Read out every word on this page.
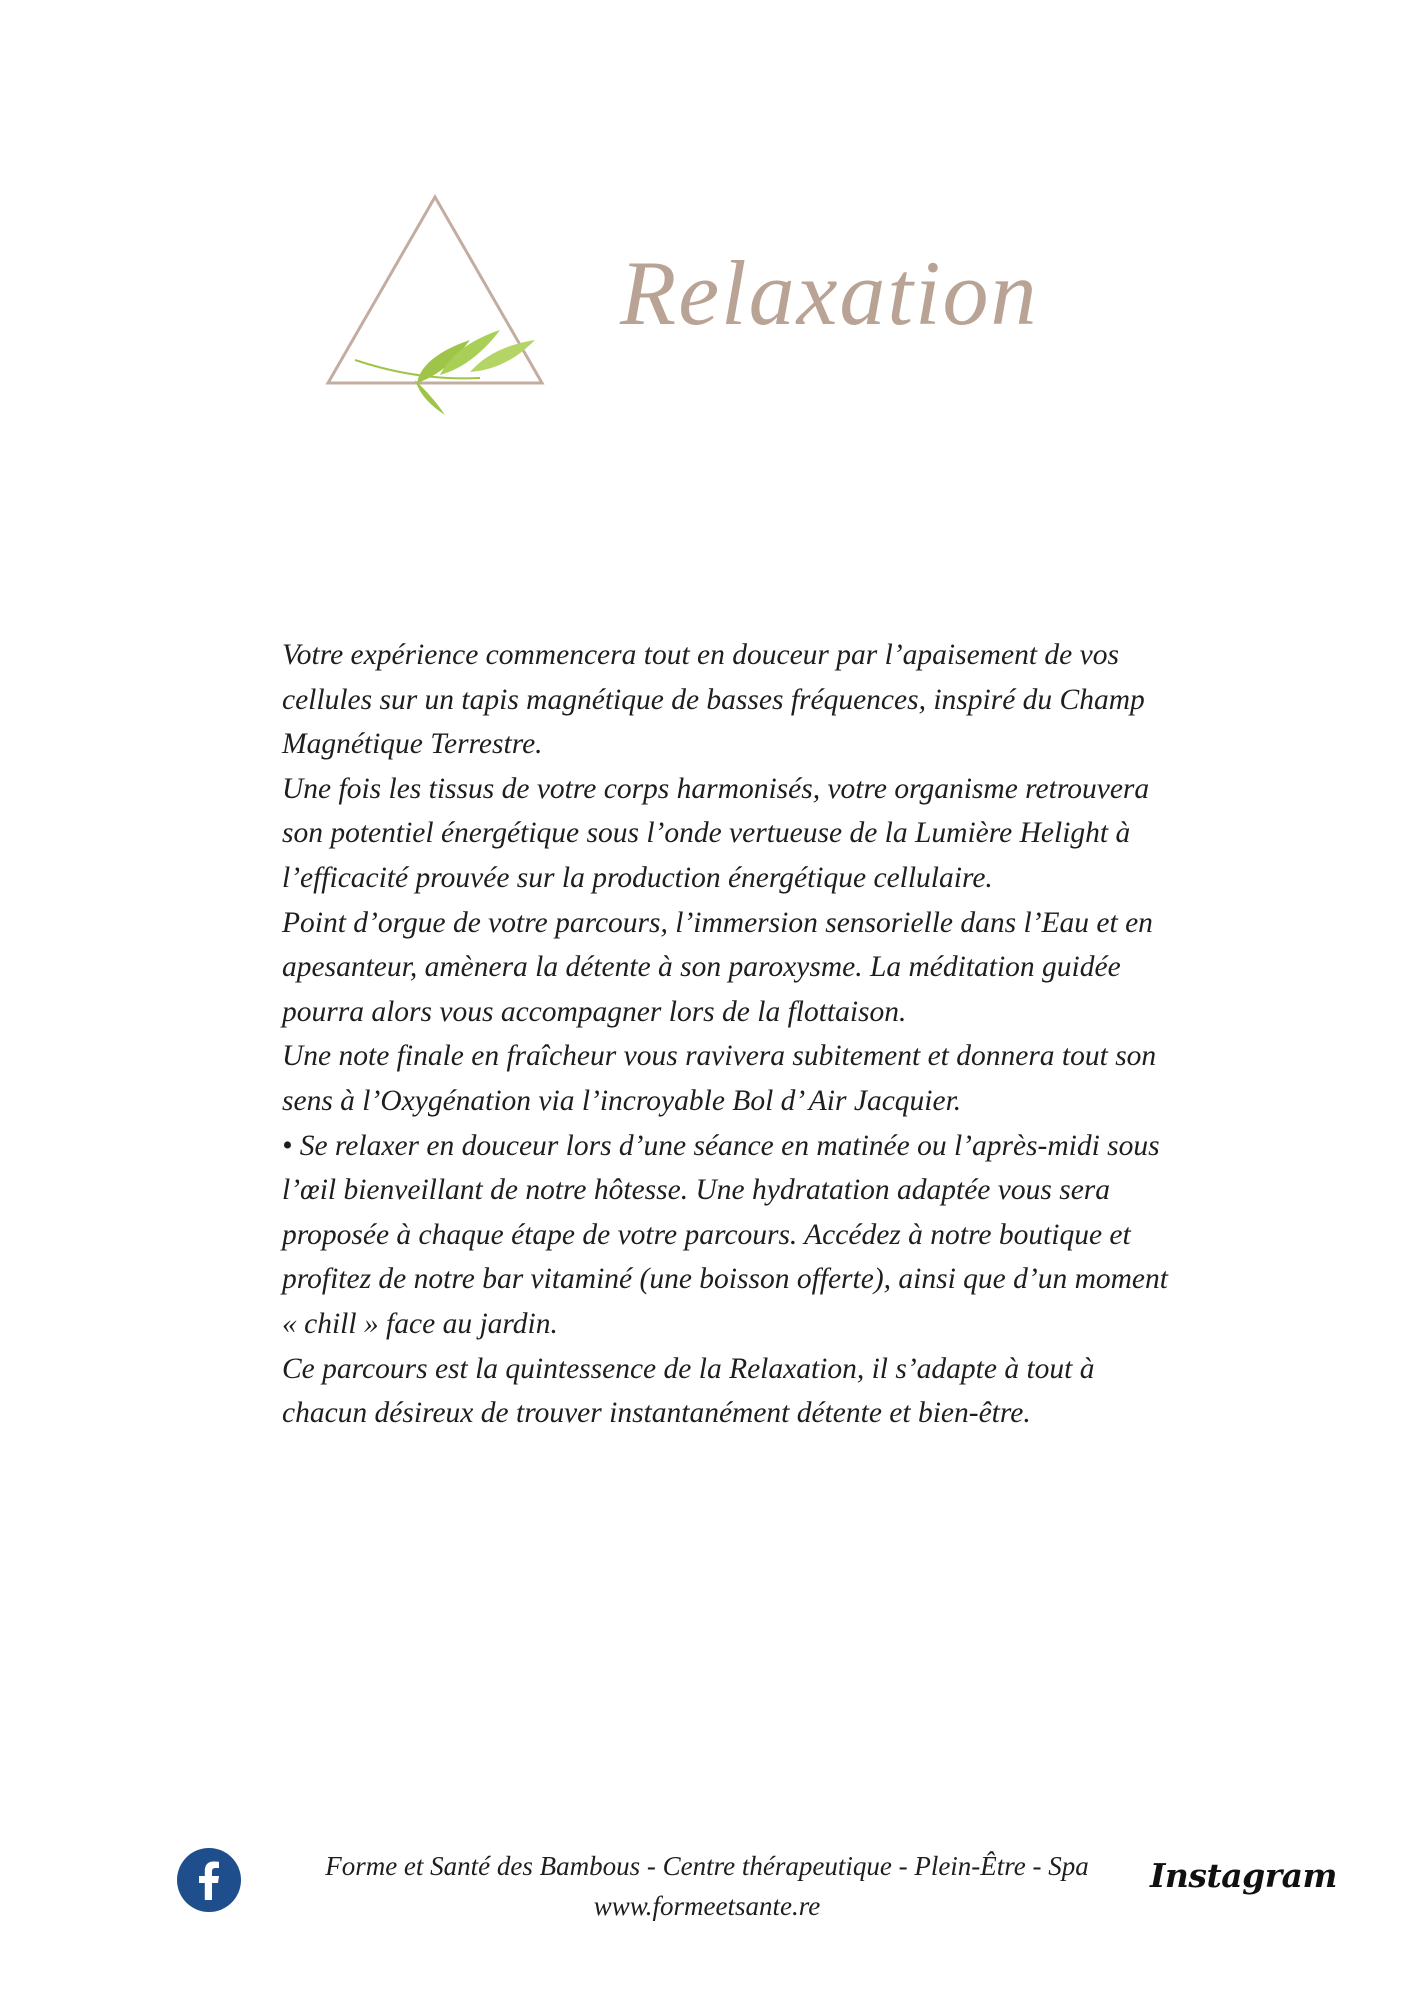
Relaxation

Votre expérience commencera tout en douceur par l’apaisement de vos cellules sur un tapis magnétique de basses fréquences, inspiré du Champ Magnétique Terrestre.

Une fois les tissus de votre corps harmonisés, votre organisme retrouvera son potentiel énergétique sous l’onde vertueuse de la Lumière Helight à l’efficacité prouvée sur la production énergétique cellulaire.

Point d’orgue de votre parcours, l’immersion sensorielle dans l’Eau et en apesanteur, amènera la détente à son paroxysme. La méditation guidée pourra alors vous accompagner lors de la flottaison.

Une note finale en fraîcheur vous ravivera subitement et donnera tout son sens à l’Oxygénation via l’incroyable Bol d’ Air Jacquier.

• Se relaxer en douceur lors d’une séance en matinée ou l’après-midi sous l’œil bienveillant de notre hôtesse. Une hydratation adaptée vous sera proposée à chaque étape de votre parcours. Accédez à notre boutique et profitez de notre bar vitaminé (une boisson offerte), ainsi que d’un moment « chill » face au jardin.

Ce parcours est la quintessence de la Relaxation, il s’adapte à tout à chacun désireux de trouver instantanément détente et bien-être.

Forme et Santé des Bambous - Centre thérapeutique - Plein-Être - Spa
www.formeetsante.re
Instagram
